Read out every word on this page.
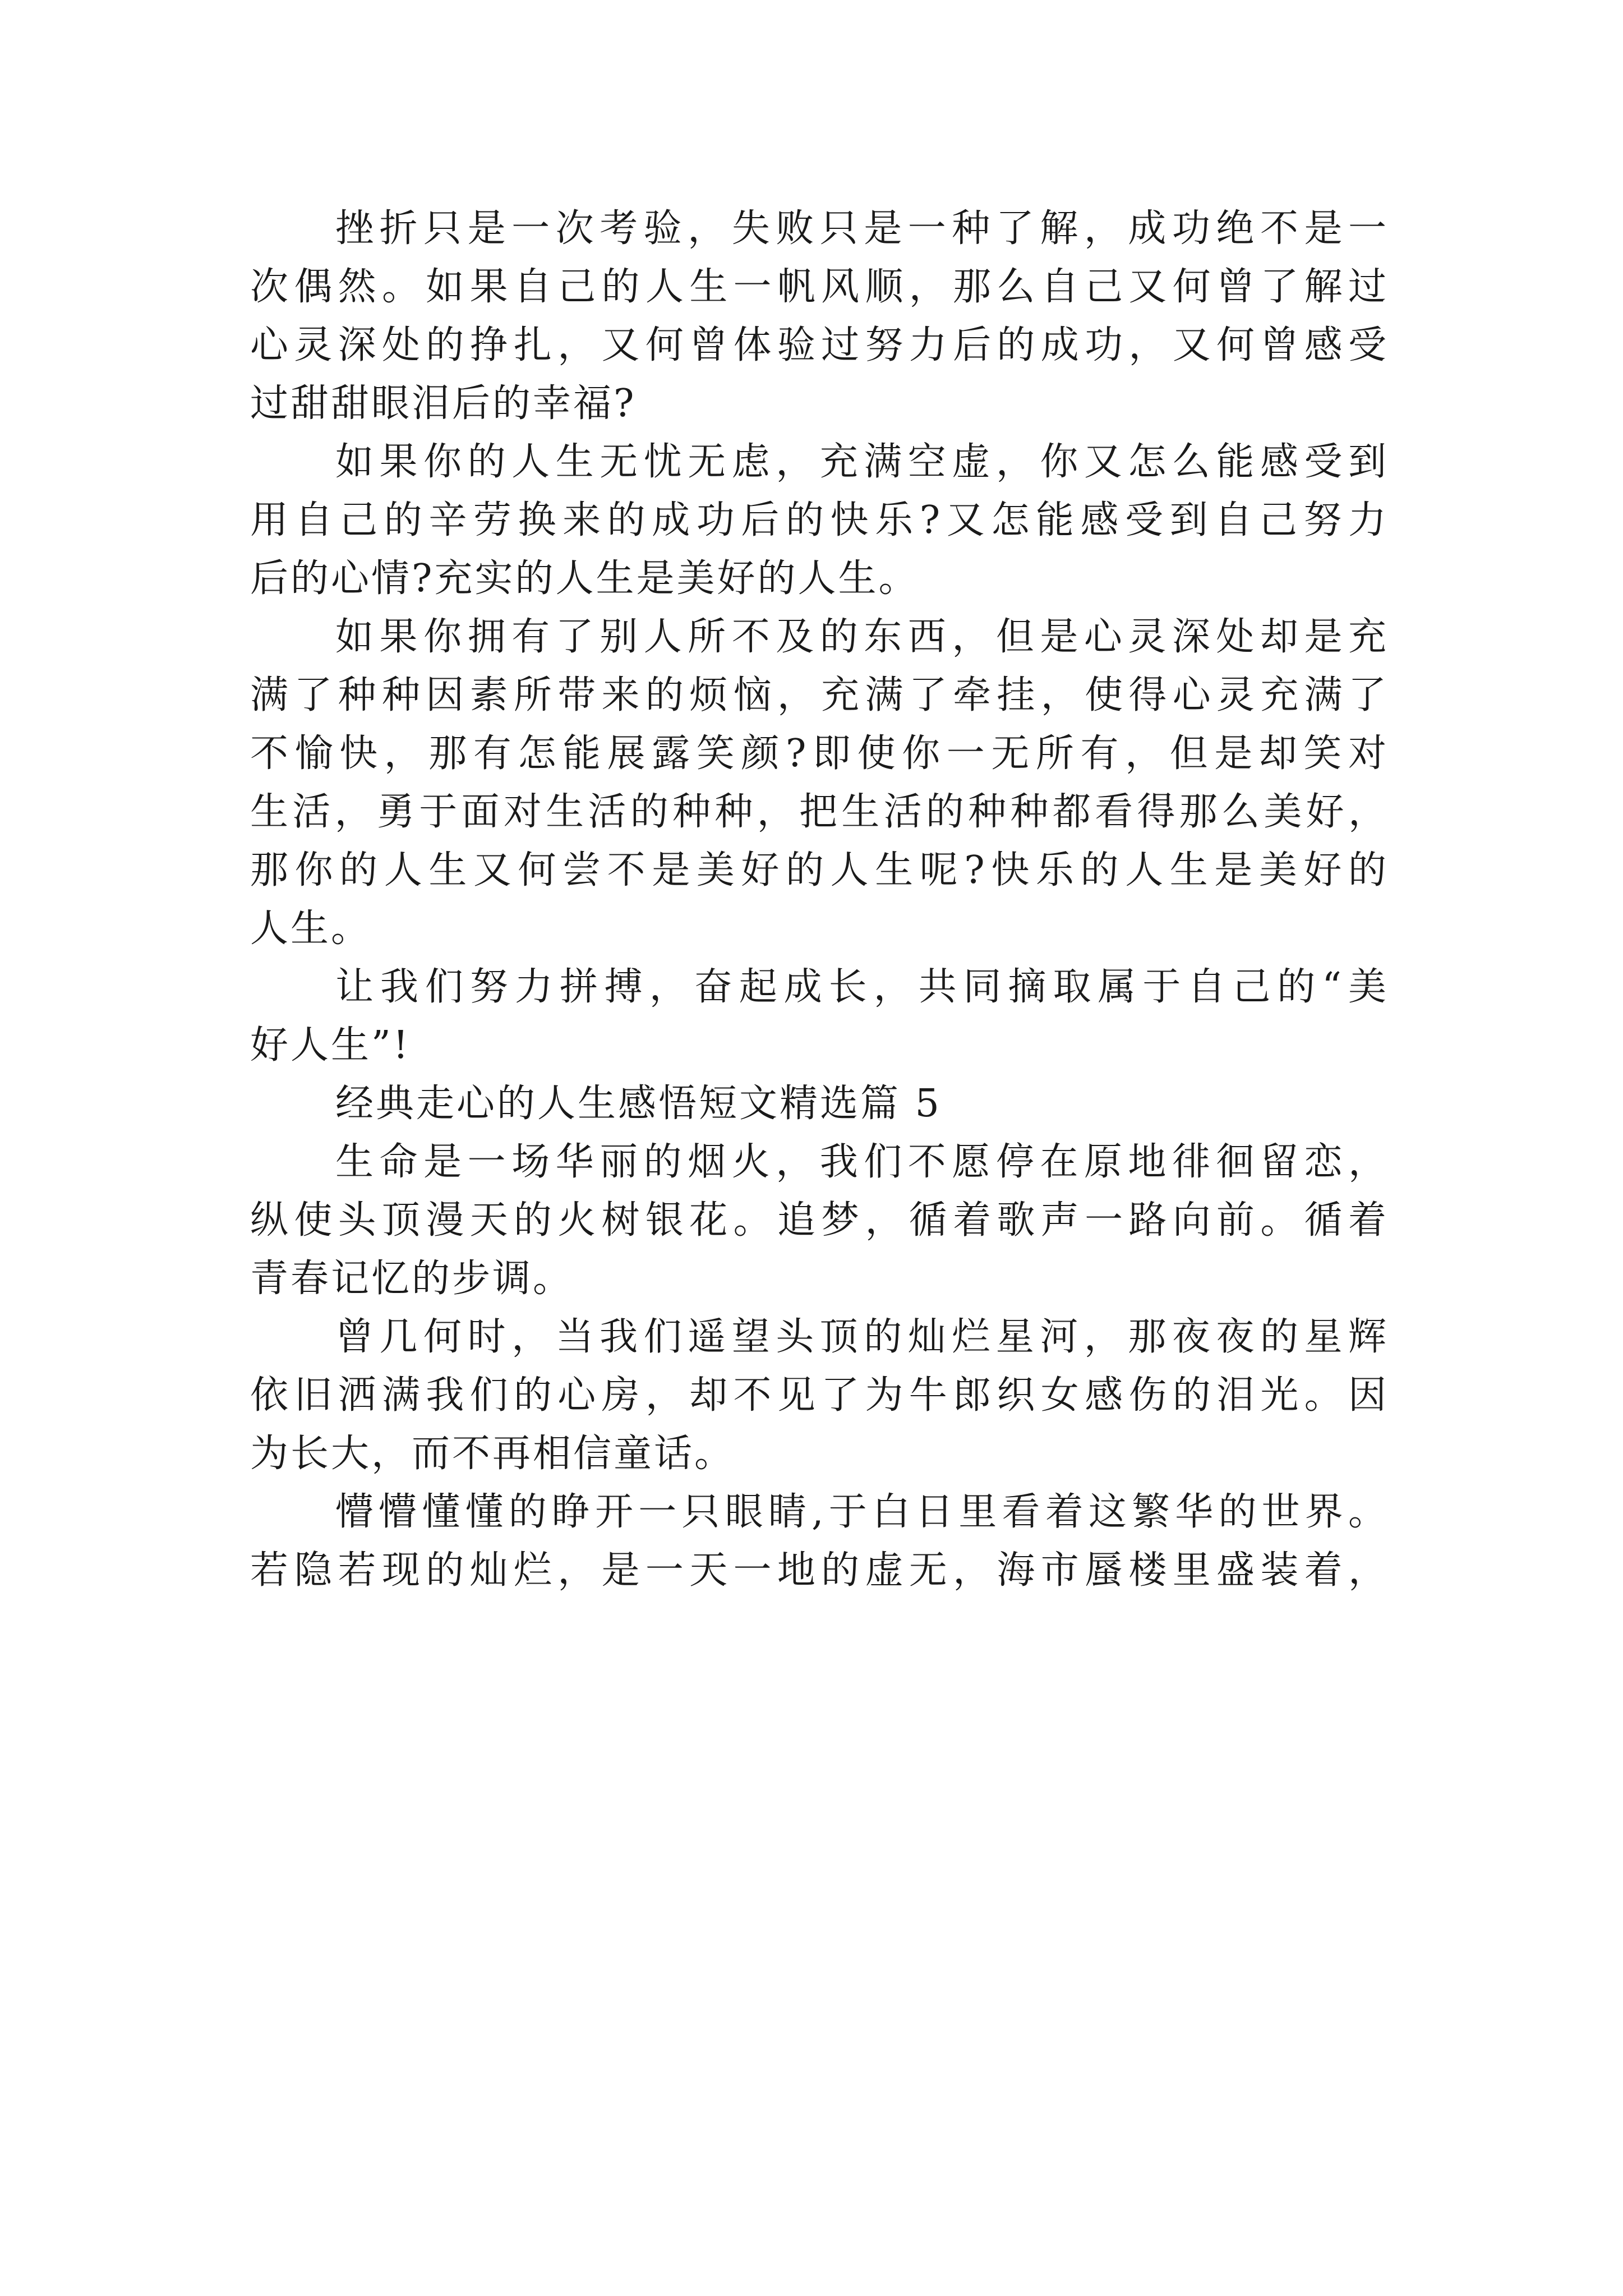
挫折只是一次考验，失败只是一种了解，成功绝不是一
次偶然。如果自己的人生一帆风顺，那么自己又何曾了解过
心灵深处的挣扎，又何曾体验过努力后的成功，又何曾感受
过甜甜眼泪后的幸福?
如果你的人生无忧无虑，充满空虚，你又怎么能感受到
用自己的辛劳换来的成功后的快乐?又怎能感受到自己努力
后的心情?充实的人生是美好的人生。
如果你拥有了别人所不及的东西，但是心灵深处却是充
满了种种因素所带来的烦恼，充满了牵挂，使得心灵充满了
不愉快，那有怎能展露笑颜?即使你一无所有，但是却笑对
生活，勇于面对生活的种种，把生活的种种都看得那么美好，
那你的人生又何尝不是美好的人生呢?快乐的人生是美好的
人生。
让我们努力拼搏，奋起成长，共同摘取属于自己的“美
好人生”!
经典走心的人生感悟短文精选篇 5
生命是一场华丽的烟火，我们不愿停在原地徘徊留恋，
纵使头顶漫天的火树银花。追梦，循着歌声一路向前。循着
青春记忆的步调。
曾几何时，当我们遥望头顶的灿烂星河，那夜夜的星辉
依旧洒满我们的心房，却不见了为牛郎织女感伤的泪光。因
为长大，而不再相信童话。
懵懵懂懂的睁开一只眼睛,于白日里看着这繁华的世界。
若隐若现的灿烂，是一天一地的虚无，海市蜃楼里盛装着，
